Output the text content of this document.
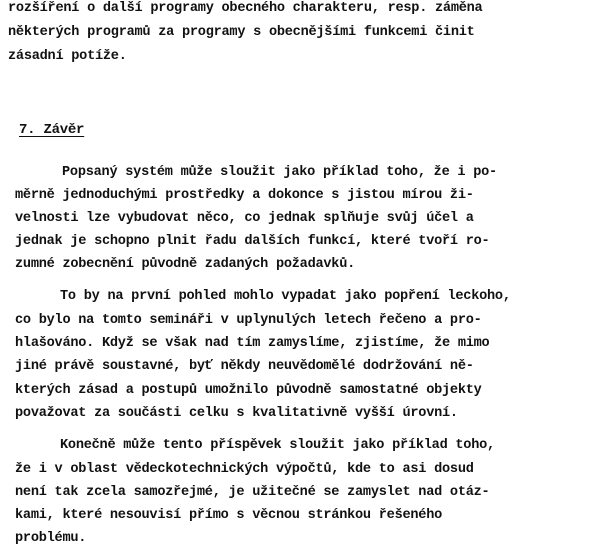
rozšíření o další programy obecného charakteru, resp. záměna

některých programů za programy s obecnějšími funkcemi činit

zásadní potíže.

7. Závěr

Popsaný systém může sloužit jako příklad toho, že i po-

měrně jednoduchými prostředky a dokonce s jistou mírou ži-

velnosti lze vybudovat něco, co jednak splňuje svůj účel a

jednak je schopno plnit řadu dalších funkcí, které tvoří ro-

zumné zobecnění původně zadaných požadavků.

To by na první pohled mohlo vypadat jako popření leckoho,

co bylo na tomto semináři v uplynulých letech řečeno a pro-

hlašováno. Když se však nad tím zamyslíme, zjistíme, že mimo

jiné právě soustavné, byť někdy neuvědomělé dodržování ně-

kterých zásad a postupů umožnilo původně samostatné objekty

považovat za součásti celku s kvalitativně vyšší úrovní.

Konečně může tento příspěvek sloužit jako příklad toho,

že i v oblast vědeckotechnických výpočtů, kde to asi dosud

není tak zcela samozřejmé, je užitečné se zamyslet nad otáz-

kami, které nesouvisí přímo s věcnou stránkou řešeného

problému.
